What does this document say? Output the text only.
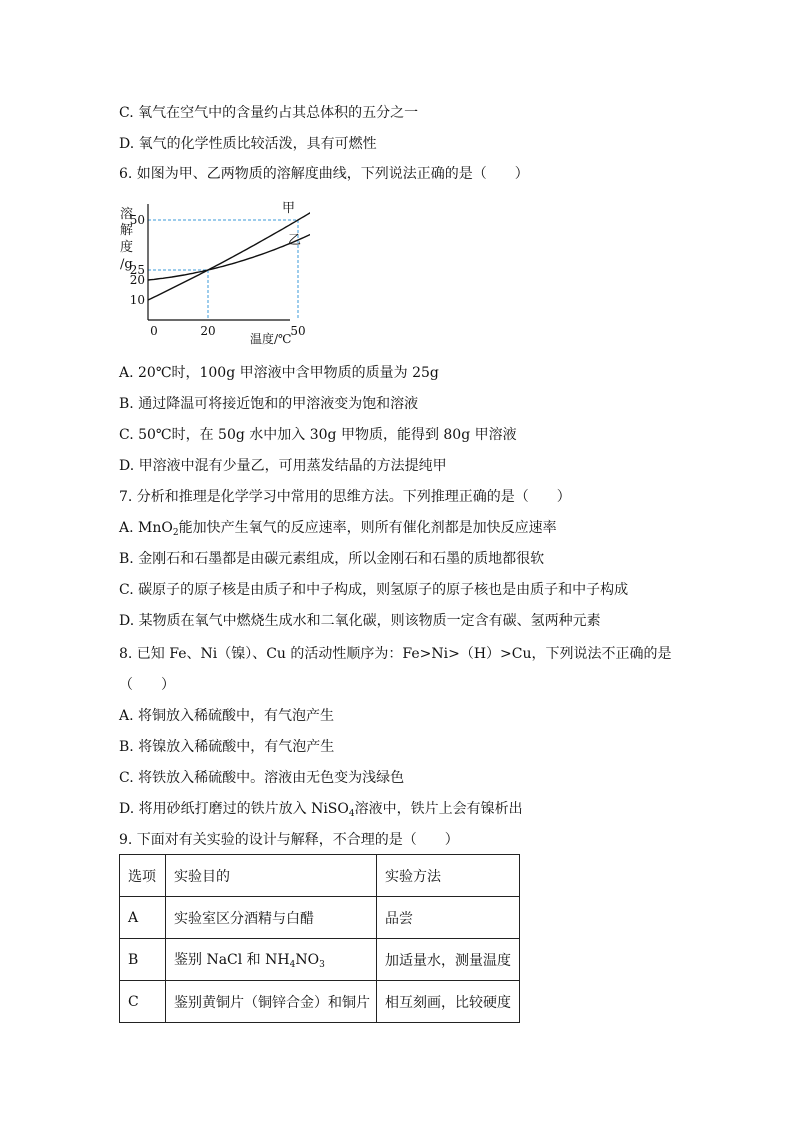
C. 氧气在空气中的含量约占其总体积的五分之一
D. 氧气的化学性质比较活泼，具有可燃性
6. 如图为甲、乙两物质的溶解度曲线，下列说法正确的是（　　）
10
20
25
50
20	50
溶
解
度
/g
温度/℃
0
甲
乙
A. 20℃时，100g 甲溶液中含甲物质的质量为 25g
B. 通过降温可将接近饱和的甲溶液变为饱和溶液
C. 50℃时，在 50g 水中加入 30g 甲物质，能得到 80g 甲溶液
D. 甲溶液中混有少量乙，可用蒸发结晶的方法提纯甲
7. 分析和推理是化学学习中常用的思维方法。下列推理正确的是（　　）
A. MnO$_2$能加快产生氧气的反应速率，则所有催化剂都是加快反应速率
B. 金刚石和石墨都是由碳元素组成，所以金刚石和石墨的质地都很软
C. 碳原子的原子核是由质子和中子构成，则氢原子的原子核也是由质子和中子构成
D. 某物质在氧气中燃烧生成水和二氧化碳，则该物质一定含有碳、氢两种元素
8. 已知 Fe、Ni（镍）、Cu 的活动性顺序为：Fe>Ni>（H）>Cu，下列说法不正确的是
（　　）
A. 将铜放入稀硫酸中，有气泡产生
B. 将镍放入稀硫酸中，有气泡产生
C. 将铁放入稀硫酸中。溶液由无色变为浅绿色
D. 将用砂纸打磨过的铁片放入 NiSO$_4$溶液中，铁片上会有镍析出
9. 下面对有关实验的设计与解释，不合理的是（　　）
选项	实验目的	实验方法
A	实验室区分酒精与白醋	品尝
B	鉴别 NaCl 和 $NH_4NO_3$	加适量水，测量温度
C	鉴别黄铜片（铜锌合金）和铜片	相互刻画，比较硬度
